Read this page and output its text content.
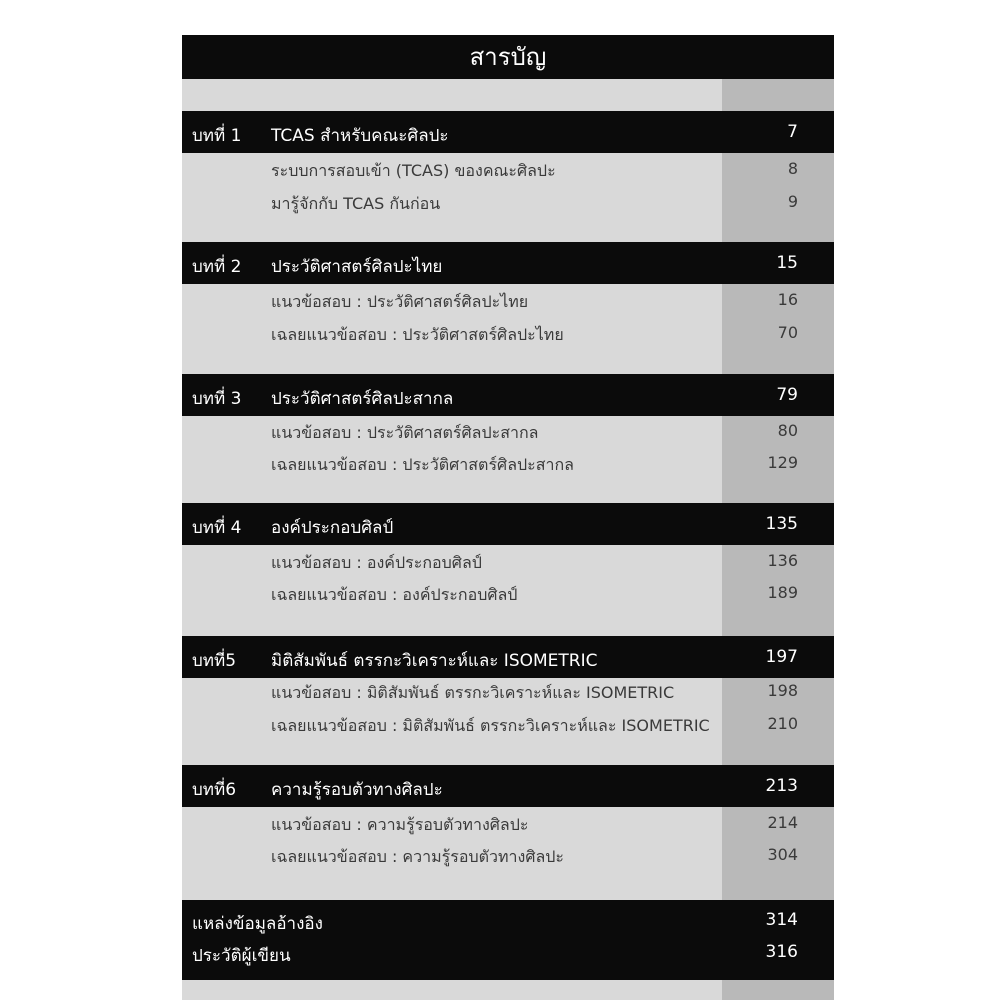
สารบัญ
บทที่ 1 TCAS สำหรับคณะศิลปะ	7
ระบบการสอบเข้า (TCAS) ของคณะศิลปะ	8
มารู้จักกับ TCAS กันก่อน	9
บทที่ 2 ประวัติศาสตร์ศิลปะไทย	15
แนวข้อสอบ : ประวัติศาสตร์ศิลปะไทย	16
เฉลยแนวข้อสอบ : ประวัติศาสตร์ศิลปะไทย	70
บทที่ 3 ประวัติศาสตร์ศิลปะสากล	79
แนวข้อสอบ : ประวัติศาสตร์ศิลปะสากล	80
เฉลยแนวข้อสอบ : ประวัติศาสตร์ศิลปะสากล	129
บทที่ 4 องค์ประกอบศิลป์	135
แนวข้อสอบ : องค์ประกอบศิลป์	136
เฉลยแนวข้อสอบ : องค์ประกอบศิลป์	189
บทที่5 มิติสัมพันธ์ ตรรกะวิเคราะห์และ ISOMETRIC	197
แนวข้อสอบ : มิติสัมพันธ์ ตรรกะวิเคราะห์และ ISOMETRIC	198
เฉลยแนวข้อสอบ : มิติสัมพันธ์ ตรรกะวิเคราะห์และ ISOMETRIC	210
บทที่6 ความรู้รอบตัวทางศิลปะ	213
แนวข้อสอบ : ความรู้รอบตัวทางศิลปะ	214
เฉลยแนวข้อสอบ : ความรู้รอบตัวทางศิลปะ	304
แหล่งข้อมูลอ้างอิง	314
ประวัติผู้เขียน	316
